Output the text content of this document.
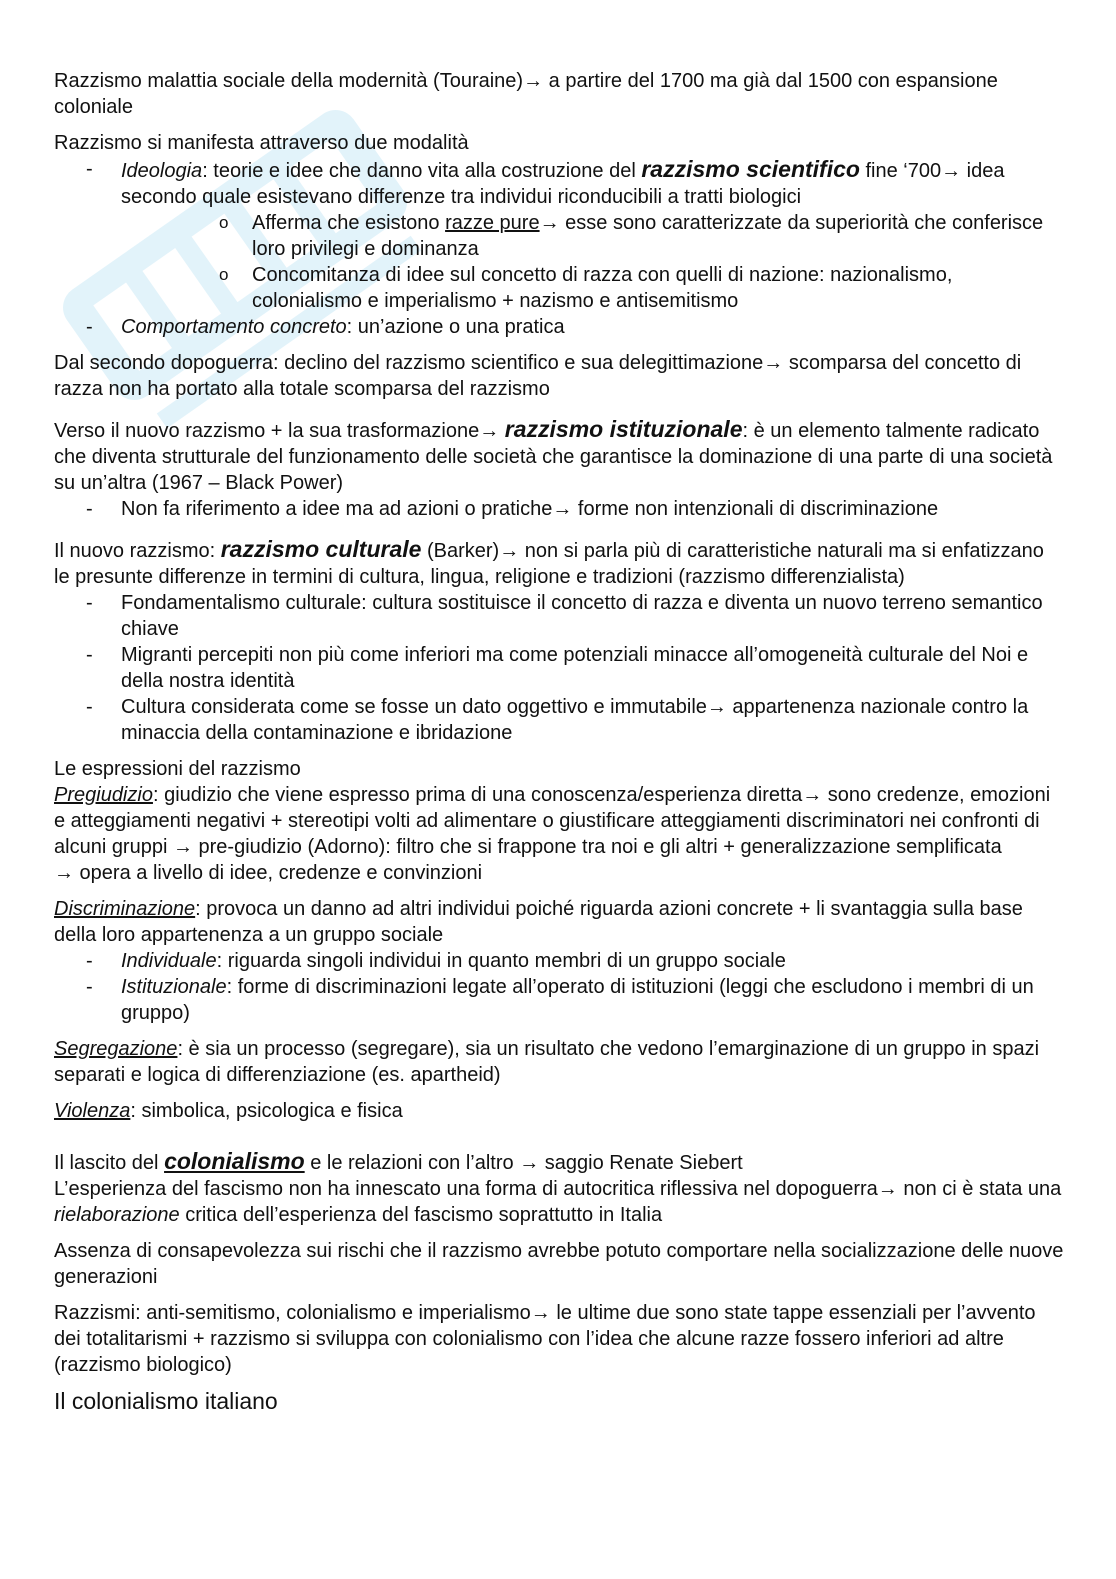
Razzismo malattia sociale della modernità (Touraine)→ a partire del 1700 ma già dal 1500 con espansione coloniale

Razzismo si manifesta attraverso due modalità

- Ideologia: teorie e idee che danno vita alla costruzione del razzismo scientifico fine ‘700→ idea secondo quale esistevano differenze tra individui riconducibili a tratti biologici
o Afferma che esistono razze pure→ esse sono caratterizzate da superiorità che conferisce loro privilegi e dominanza
o Concomitanza di idee sul concetto di razza con quelli di nazione: nazionalismo, colonialismo e imperialismo + nazismo e antisemitismo
- Comportamento concreto: un’azione o una pratica

Dal secondo dopoguerra: declino del razzismo scientifico e sua delegittimazione→ scomparsa del concetto di razza non ha portato alla totale scomparsa del razzismo

Verso il nuovo razzismo + la sua trasformazione→ razzismo istituzionale: è un elemento talmente radicato che diventa strutturale del funzionamento delle società che garantisce la dominazione di una parte di una società su un’altra (1967 – Black Power)

- Non fa riferimento a idee ma ad azioni o pratiche→ forme non intenzionali di discriminazione

Il nuovo razzismo: razzismo culturale (Barker)→ non si parla più di caratteristiche naturali ma si enfatizzano le presunte differenze in termini di cultura, lingua, religione e tradizioni (razzismo differenzialista)

- Fondamentalismo culturale: cultura sostituisce il concetto di razza e diventa un nuovo terreno semantico chiave
- Migranti percepiti non più come inferiori ma come potenziali minacce all’omogeneità culturale del Noi e della nostra identità
- Cultura considerata come se fosse un dato oggettivo e immutabile→ appartenenza nazionale contro la minaccia della contaminazione e ibridazione

Le espressioni del razzismo

Pregiudizio: giudizio che viene espresso prima di una conoscenza/esperienza diretta→ sono credenze, emozioni e atteggiamenti negativi + stereotipi volti ad alimentare o giustificare atteggiamenti discriminatori nei confronti di alcuni gruppi → pre-giudizio (Adorno): filtro che si frappone tra noi e gli altri + generalizzazione semplificata

→ opera a livello di idee, credenze e convinzioni

Discriminazione: provoca un danno ad altri individui poiché riguarda azioni concrete + li svantaggia sulla base della loro appartenenza a un gruppo sociale

- Individuale: riguarda singoli individui in quanto membri di un gruppo sociale
- Istituzionale: forme di discriminazioni legate all’operato di istituzioni (leggi che escludono i membri di un gruppo)

Segregazione: è sia un processo (segregare), sia un risultato che vedono l’emarginazione di un gruppo in spazi separati e logica di differenziazione (es. apartheid)

Violenza: simbolica, psicologica e fisica

Il lascito del colonialismo e le relazioni con l’altro → saggio Renate Siebert

L’esperienza del fascismo non ha innescato una forma di autocritica riflessiva nel dopoguerra→ non ci è stata una rielaborazione critica dell’esperienza del fascismo soprattutto in Italia

Assenza di consapevolezza sui rischi che il razzismo avrebbe potuto comportare nella socializzazione delle nuove generazioni

Razzismi: anti-semitismo, colonialismo e imperialismo→ le ultime due sono state tappe essenziali per l’avvento dei totalitarismi + razzismo si sviluppa con colonialismo con l’idea che alcune razze fossero inferiori ad altre (razzismo biologico)

Il colonialismo italiano
